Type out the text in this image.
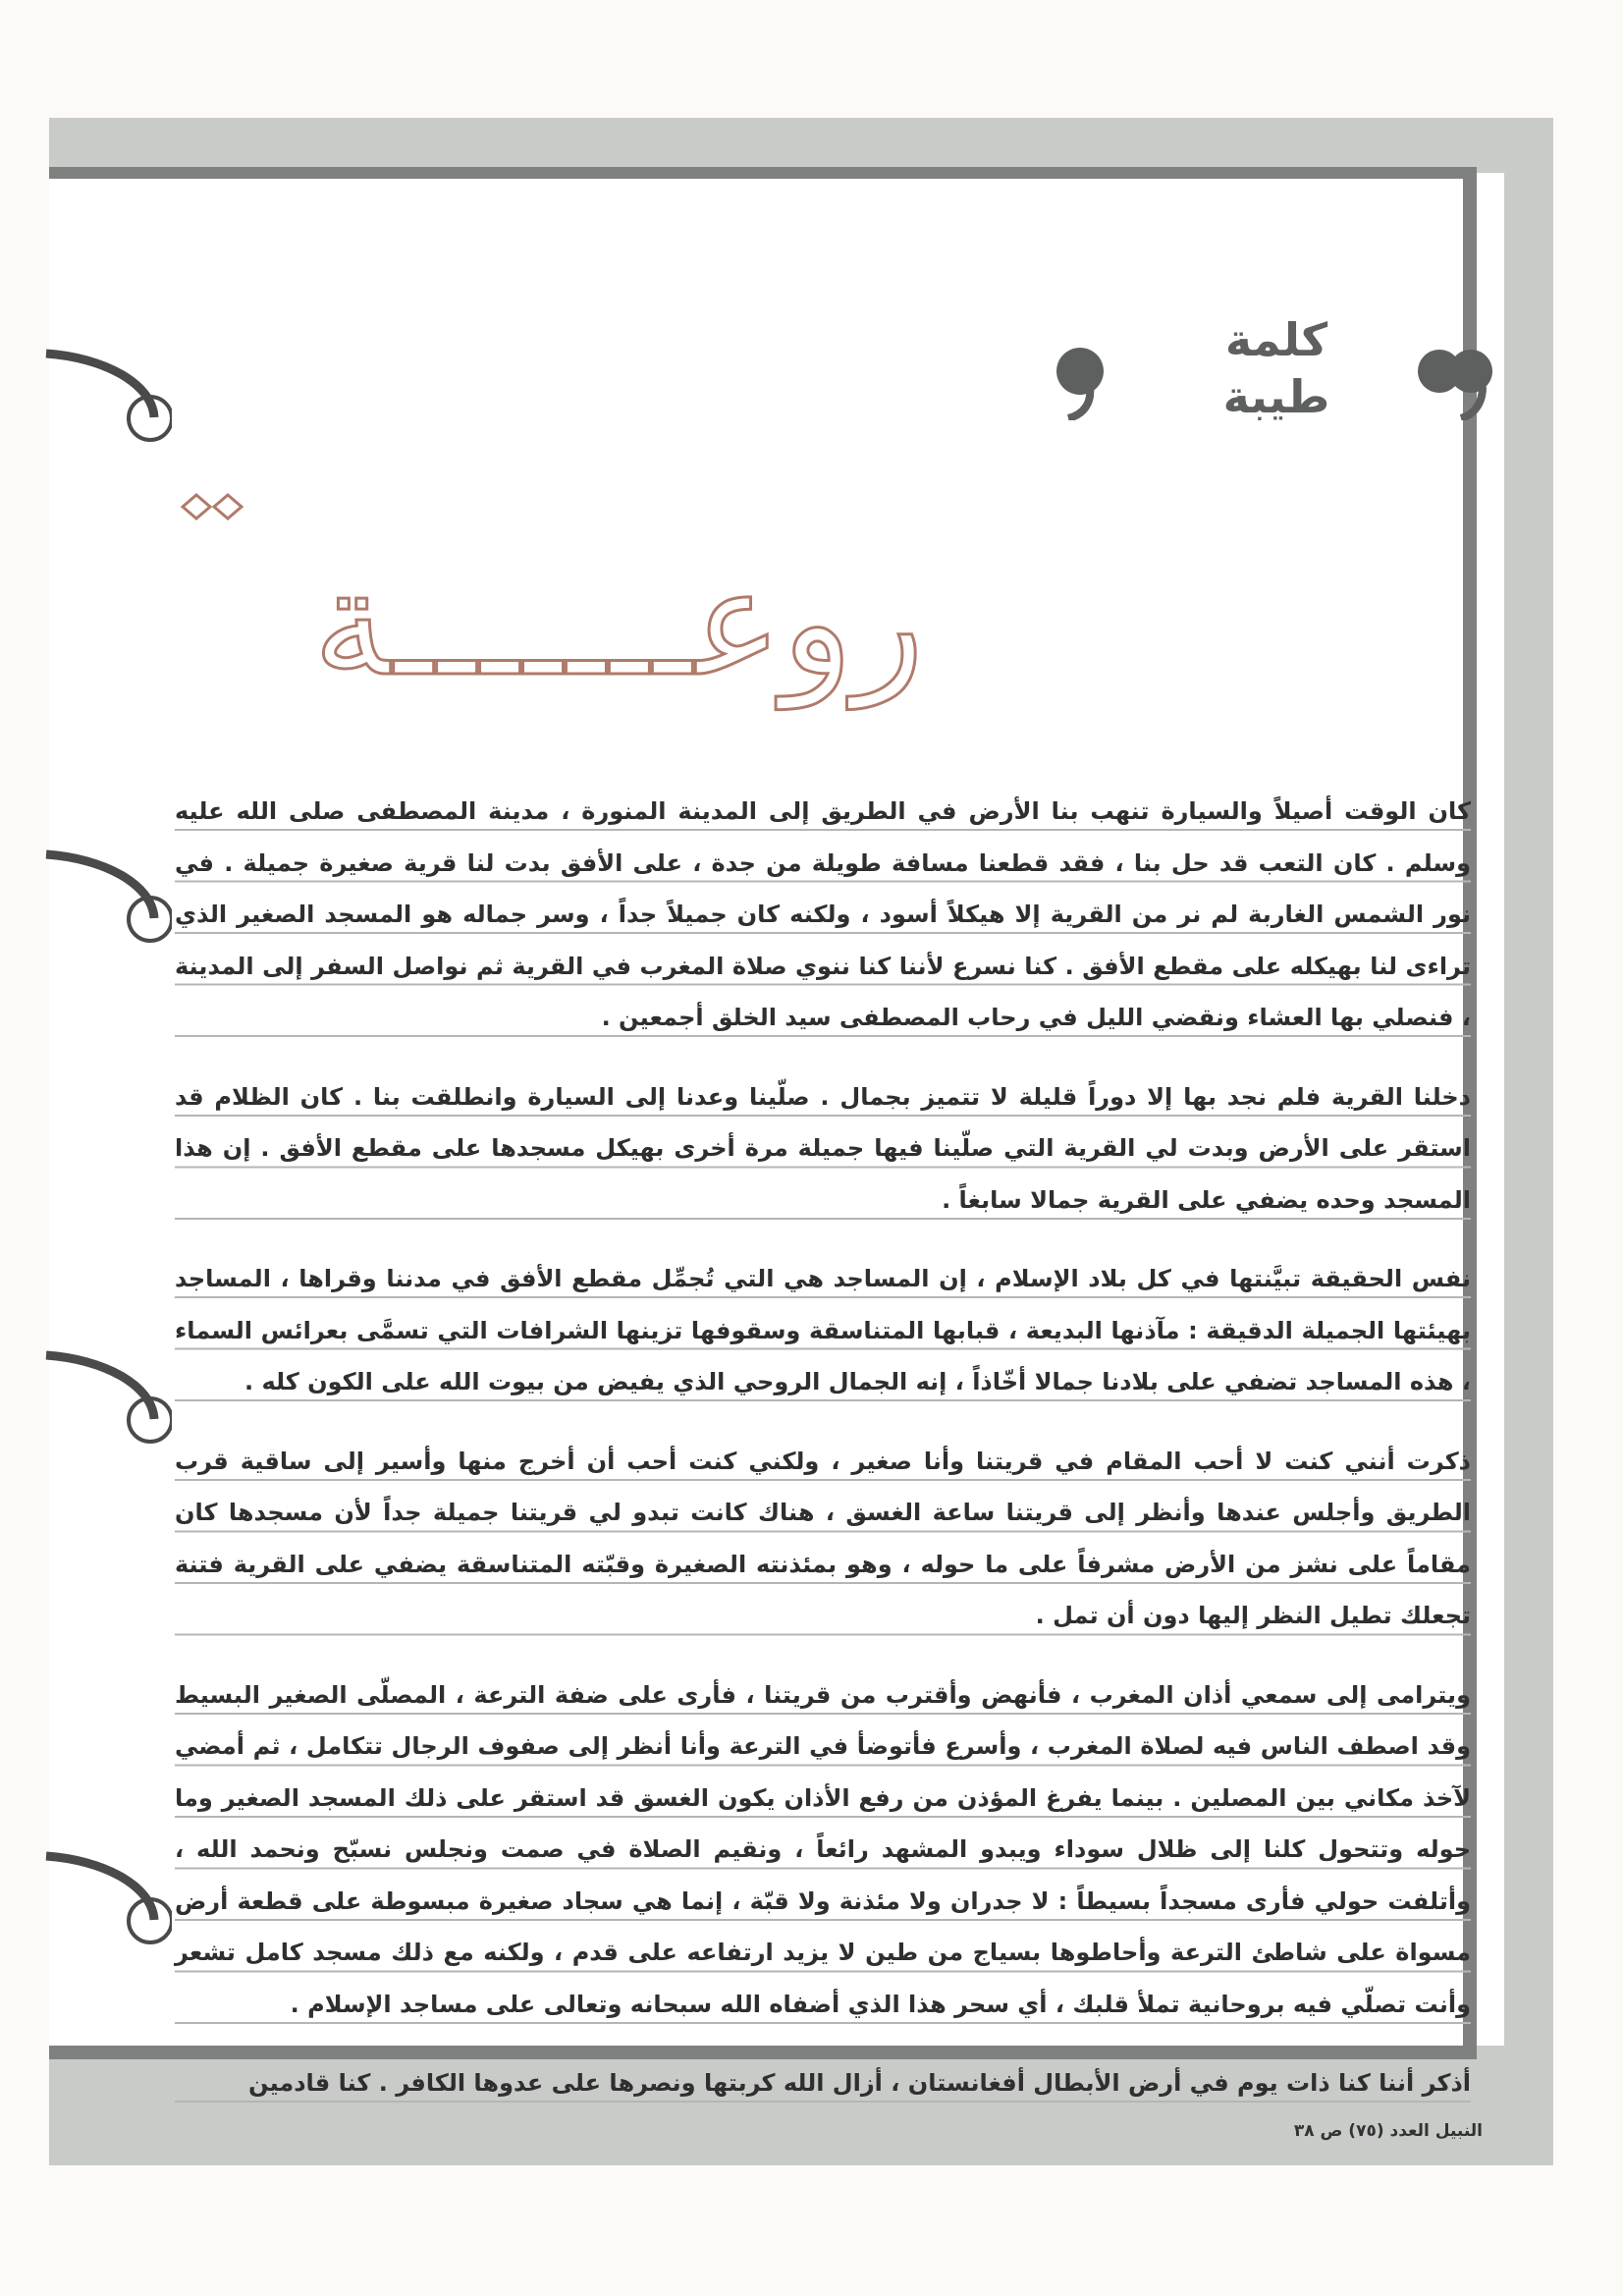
كلمة
طيبة
روعـــــــة

كان الوقت أصيلاً والسيارة تنهب بنا الأرض في الطريق إلى المدينة المنورة ، مدينة المصطفى صلى الله عليه وسلم . كان التعب قد حل بنا ، فقد قطعنا مسافة طويلة من جدة ، على الأفق بدت لنا قرية صغيرة جميلة . في نور الشمس الغاربة لم نر من القرية إلا هيكلاً أسود ، ولكنه كان جميلاً جداً ، وسر جماله هو المسجد الصغير الذي تراءى لنا بهيكله على مقطع الأفق . كنا نسرع لأننا كنا ننوي صلاة المغرب في القرية ثم نواصل السفر إلى المدينة ، فنصلي بها العشاء ونقضي الليل في رحاب المصطفى سيد الخلق أجمعين .

دخلنا القرية فلم نجد بها إلا دوراً قليلة لا تتميز بجمال . صلّينا وعدنا إلى السيارة وانطلقت بنا . كان الظلام قد استقر على الأرض وبدت لي القرية التي صلّينا فيها جميلة مرة أخرى بهيكل مسجدها على مقطع الأفق . إن هذا المسجد وحده يضفي على القرية جمالا سابغاً .

نفس الحقيقة تبيَّنتها في كل بلاد الإسلام ، إن المساجد هي التي تُجمِّل مقطع الأفق في مدننا وقراها ، المساجد بهيئتها الجميلة الدقيقة : مآذنها البديعة ، قبابها المتناسقة وسقوفها تزينها الشرافات التي تسمَّى بعرائس السماء ، هذه المساجد تضفي على بلادنا جمالا أخّاذاً ، إنه الجمال الروحي الذي يفيض من بيوت الله على الكون كله .

ذكرت أنني كنت لا أحب المقام في قريتنا وأنا صغير ، ولكني كنت أحب أن أخرج منها وأسير إلى ساقية قرب الطريق وأجلس عندها وأنظر إلى قريتنا ساعة الغسق ، هناك كانت تبدو لي قريتنا جميلة جداً لأن مسجدها كان مقاماً على نشز من الأرض مشرفاً على ما حوله ، وهو بمئذنته الصغيرة وقبّته المتناسقة يضفي على القرية فتنة تجعلك تطيل النظر إليها دون أن تمل .

ويترامى إلى سمعي أذان المغرب ، فأنهض وأقترب من قريتنا ، فأرى على ضفة الترعة ، المصلّى الصغير البسيط وقد اصطف الناس فيه لصلاة المغرب ، وأسرع فأتوضأ في الترعة وأنا أنظر إلى صفوف الرجال تتكامل ، ثم أمضي لآخذ مكاني بين المصلين . بينما يفرغ المؤذن من رفع الأذان يكون الغسق قد استقر على ذلك المسجد الصغير وما حوله وتتحول كلنا إلى ظلال سوداء ويبدو المشهد رائعاً ، ونقيم الصلاة في صمت ونجلس نسبّح ونحمد الله ، وأتلفت حولي فأرى مسجداً بسيطاً : لا جدران ولا مئذنة ولا قبّة ، إنما هي سجاد صغيرة مبسوطة على قطعة أرض مسواة على شاطئ الترعة وأحاطوها بسياج من طين لا يزيد ارتفاعه على قدم ، ولكنه مع ذلك مسجد كامل تشعر وأنت تصلّي فيه بروحانية تملأ قلبك ، أي سحر هذا الذي أضفاه الله سبحانه وتعالى على مساجد الإسلام .

أذكر أننا كنا ذات يوم في أرض الأبطال أفغانستان ، أزال الله كربتها ونصرها على عدوها الكافر . كنا قادمين

النبيل العدد (٧٥) ص ٣٨
